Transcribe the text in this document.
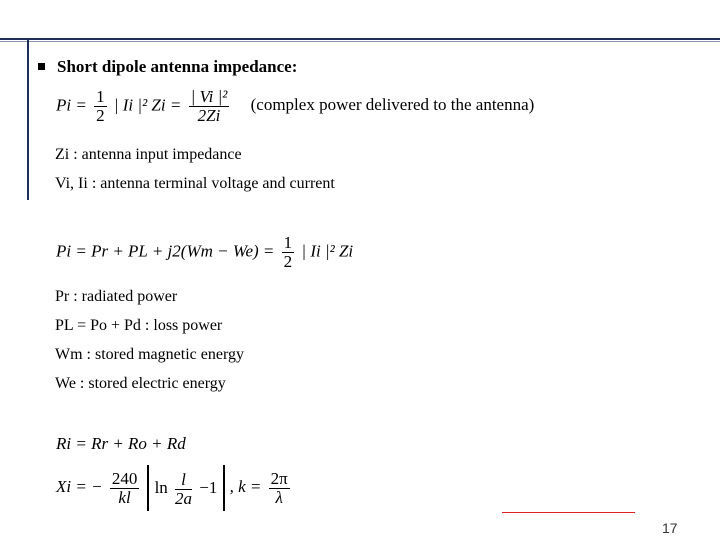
Short dipole antenna impedance:
$Pi = \frac{1}{2}$ | Ii |² $Zi = \frac{\text{| Vi |²}}{2Zi}$ (complex power delivered to the antenna)
Zi : antenna input impedance
Vi, Ii : antenna terminal voltage and current
Pi = Pr + PL + $j2(Wm - We) = \frac{1}{2}$ | Ii |² Zi
Pr : radiated power
PL = Po + Pd : loss power
Wm : stored magnetic energy
We : stored electric energy
Ri = Rr + Ro + Rd
Xi = − $\frac{240}{kl}$ $\ln \frac{l}{2a} -1$ , $k = \frac{2\pi}{\lambda}$
17
